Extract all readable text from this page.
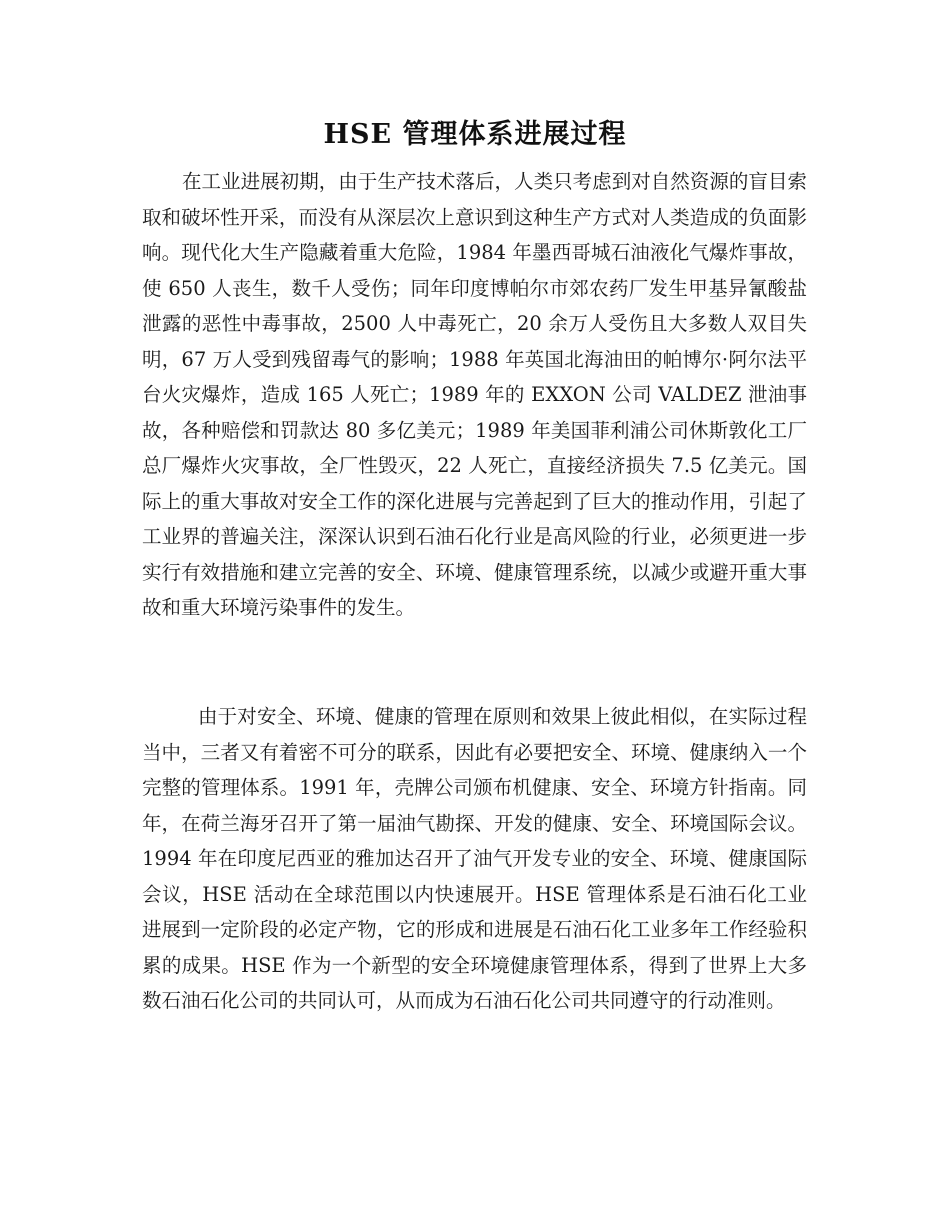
HSE 管理体系进展过程

在工业进展初期，由于生产技术落后，人类只考虑到对自然资源的盲目索取和破坏性开采，而没有从深层次上意识到这种生产方式对人类造成的负面影响。现代化大生产隐藏着重大危险，1984 年墨西哥城石油液化气爆炸事故，使 650 人丧生，数千人受伤；同年印度博帕尔市郊农药厂发生甲基异氰酸盐泄露的恶性中毒事故，2500 人中毒死亡，20 余万人受伤且大多数人双目失明，67 万人受到残留毒气的影响；1988 年英国北海油田的帕博尔·阿尔法平台火灾爆炸，造成 165 人死亡；1989 年的 EXXON 公司 VALDEZ 泄油事故，各种赔偿和罚款达 80 多亿美元；1989 年美国菲利浦公司休斯敦化工厂总厂爆炸火灾事故，全厂性毁灭，22 人死亡，直接经济损失 7.5 亿美元。国际上的重大事故对安全工作的深化进展与完善起到了巨大的推动作用，引起了工业界的普遍关注，深深认识到石油石化行业是高风险的行业，必须更进一步实行有效措施和建立完善的安全、环境、健康管理系统，以减少或避开重大事故和重大环境污染事件的发生。

由于对安全、环境、健康的管理在原则和效果上彼此相似，在实际过程当中，三者又有着密不可分的联系，因此有必要把安全、环境、健康纳入一个完整的管理体系。1991 年，壳牌公司颁布机健康、安全、环境方针指南。同年，在荷兰海牙召开了第一届油气勘探、开发的健康、安全、环境国际会议。1994 年在印度尼西亚的雅加达召开了油气开发专业的安全、环境、健康国际会议，HSE 活动在全球范围以内快速展开。HSE 管理体系是石油石化工业进展到一定阶段的必定产物，它的形成和进展是石油石化工业多年工作经验积累的成果。HSE 作为一个新型的安全环境健康管理体系，得到了世界上大多数石油石化公司的共同认可，从而成为石油石化公司共同遵守的行动准则。
